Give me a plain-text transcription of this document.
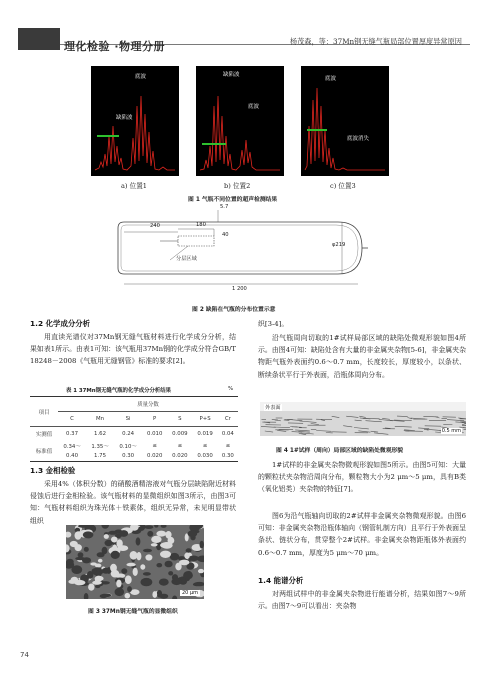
理化检验 ·物理分册	杨茂森，等：37Mn钢无缝气瓶局部位置厚度异常原因
底波
缺陷波
缺陷波
底波
底波
底波消失
a) 位置1	b) 位置2	c) 位置3
图 1 气瓶不同位置的超声检测结果
5.7
240	180
40
φ219
分层区域
1 200
图 2 缺陷在气瓶的分布位置示意
1.2 化学成分分析
用直读光谱仪对37Mn钢无缝气瓶材料进行化学成分分析，结果如表1所示。由表1可知：该气瓶用37Mn钢的化学成分符合GB/T 18248－2008《气瓶用无缝钢管》标准的要求[2]。
表 1 37Mn钢无缝气瓶的化学成分分析结果	%
项目	质量分数						
	C	Mn	Si	P	S	P+S	Cr
实测值	0.37	1.62	0.24	0.010	0.009	0.019	0.04
标准值	0.34～	1.35～	0.10～	≤	≤	≤	≤
	0.40	1.75	0.30	0.020	0.020	0.030	0.30
1.3 金相检验
采用4%（体积分数）的硝酸酒精溶液对气瓶分层缺陷附近材料侵蚀后进行金相检验。该气瓶材料的显微组织如图3所示，由图3可知：气瓶材料组织为珠光体＋铁素体，组织无异常，未见明显带状组织
20 μm
图 3 37Mn钢无缝气瓶的显微组织
织[3-4]。
沿气瓶周向切取的1#试样局部区域的缺陷处微观形貌如图4所示。由图4可知：缺陷处含有大量的非金属夹杂物[5-6]，非金属夹杂物距气瓶外表面约0.6～0.7 mm，长度较长，厚度较小，以条状、断续条状平行于外表面，沿瓶体周向分布。
外表面
0.5 mm
图 4 1#试样（周向）局部区域的缺陷处微观形貌
1#试样的非金属夹杂物微观形貌如图5所示。由图5可知：大量的颗粒状夹杂物沿周向分布，颗粒物大小为2 μm～5 μm，具有B类（氧化铝类）夹杂物的特征[7]。
图6为沿气瓶轴向切取的2#试样非金属夹杂物微观形貌。由图6可知：非金属夹杂物沿瓶体轴向（钢管轧制方向）且平行于外表面呈条状、链状分布，贯穿整个2#试样。非金属夹杂物距瓶体外表面约0.6～0.7 mm，厚度为5 μm～70 μm。
1.4 能谱分析
对两组试样中的非金属夹杂物进行能谱分析，结果如图7～9所示。由图7～9可以看出：夹杂物
74
